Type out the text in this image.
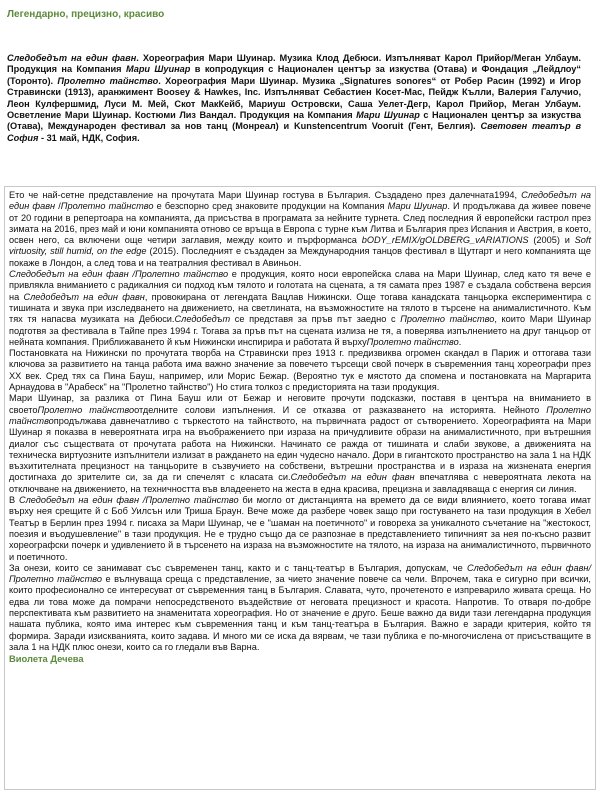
Легендарно, прецизно, красиво
Следобедът на един фавн. Хореография Мари Шуинар. Музика Клод Дебюси. Изпълняват Карол Прийор/Меган Улбаум. Продукция на Компания Мари Шуинар в копродукция с Национален център за изкуства (Отава) и Фондация „Лейдлоу“ (Торонто). Пролетно тайнство. Хореография Мари Шуинар. Музика „Signatures sonores“ от Робер Расин (1992) и Игор Стравински (1913), аранжимент Boosey & Hawkes, Inc. Изпълняват Себастиен Косет-Мас, Пейдж Кълли, Валерия Галучио, Леон Кулфершмид, Луси М. Мей, Скот МакКейб, Мариуш Островски, Саша Уелет-Дегр, Карол Прийор, Меган Улбаум. Осветление Мари Шуинар. Костюми Лиз Вандал. Продукция на Компания Мари Шуинар с Национален център за изкуства (Отава), Международен фестивал за нов танц (Монреал) и Kunstencentrum Vooruit (Гент, Белгия). Световен театър в София - 31 май, НДК, София.

Ето че най-сетне представление на прочутата Мари Шуинар гостува в България. Създадено през далечната1994, Следобедът на един фавн /Пролетно тайнство е безспорно сред знаковите продукции на Компания Мари Шуинар. И продължава да живее повече от 20 години в репертоара на компанията, да присъства в програмата за нейните турнета. След последния й европейски гастрол през зимата на 2016, през май и юни компанията отново се връща в Европа с турне към Литва и България през Испания и Австрия, в което, освен него, са включени още четири заглавия, между които и пърформанса bODY_rEMIX/gOLDBERG_vARIATIONS (2005) и Soft virtuosity, still humid, on the edge (2015). Последният е създаден за Международния танцов фестивал в Щутгарт и него компанията ще покаже в Лондон, а след това и на театралния фестивал в Авиньон.

Следобедът на един фавн /Пролетно тайнство е продукция, която носи европейска слава на Мари Шуинар, след като тя вече е привлякла вниманието с радикалния си подход към тялото и голотата на сцената, а тя самата през 1987 е създала собствена версия на Следобедът на един фавн, провокирана от легендата Вацлав Нижински. Още тогава канадската танцьорка експериментира с тишината и звука при изследването на движението, на светлината, на възможностите на тялото в търсене на анималистичното. Към тях тя напасва музиката на Дебюси.Следобедът се представя за пръв път заедно с Пролетно тайнство, които Мари Шуинар подготвя за фестивала в Тайпе през 1994 г. Тогава за пръв път на сцената излиза не тя, а поверява изпълнението на друг танцьор от нейната компания. Приближаването й към Нижински инспирира и работата й върхуПролетно тайнство.

Постановката на Нижински по прочутата творба на Стравински през 1913 г. предизвиква огромен скандал в Париж и оттогава тази ключова за развитието на танца работа има важно значение за повечето търсещи свой почерк в съвременния танц хореографи през XX век. Сред тях са Пина Бауш, например, или Морис Бежар. (Вероятно тук е мястото да спомена и постановката на Маргарита Арнаудова в "Арабеск" на "Пролетно тайнство") Но стига толкоз с предисторията на тази продукция.

Мари Шуинар, за разлика от Пина Бауш или от Бежар и неговите прочути подсказки, поставя в центъра на вниманието в своетоПролетно тайнствоотделните солови изпълнения. И се отказва от разказването на историята. Нейното Пролетно тайнствопродължава давнечатливо с търкестото на тайнството, на първичната радост от сътворението. Хореографията на Мари Шуинар я показва в невероятната игра на въображението при израза на причудливите образи на анималистичното, при вътрешния диалог със съществата от прочутата работа на Нижински. Начинато се ражда от тишината и слаби звукове, а движенията на техническа виртуозните изпълнители излизат в раждането на един чудесно начало. Дори в гигантското пространство на зала 1 на НДК възхитителната прецизност на танцьорите в съзвучието на собствени, вътрешни пространства и в израза на жизнената енергия достигнаха до зрителите си, за да ги спечелят с класата си.Следобедът на един фавн впечатлява с невероятната лекота на отключване на движението, на техничността във владеенето на жеста в една красива, прецизна и завладяваща с енергия си линия.

В Следобедът на един фавн /Пролетно тайнство би могло от дистанцията на времето да се види влиянието, което тогава имат върху нея срещите й с Боб Уилсън или Триша Браун. Вече може да разбере човек защо при гостуването на тази продукция в Хебел Театър в Берлин през 1994 г. писаха за Мари Шуинар, че е "шаман на поетичното" и говореха за уникалното съчетание на "жестокост, поезия и въодушевление" в тази продукция. Не е трудно също да се разпознае в представлението типичният за нея по-късно развит хореографски почерк и удивлението й в търсенето на израза на възможностите на тялото, на израза на анималистичното, първичното и поетичното.

За онези, които се занимават със съвременен танц, както и с танц-театър в България, допускам, че Следобедът на един фавн/Пролетно тайнство е вълнуваща среща с представление, за чието значение повече са чели. Впрочем, така е сигурно при всички, които професионално се интересуват от съвременния танц в България. Славата, чуто, прочетеното е изпреварило живата среща. Но едва ли това може да помрачи непосредственото въздействие от неговата прецизност и красота. Напротив. То отваря по-добре перспективата към развитието на знаменитата хореография. Но от значение е друго. Беше важно да види тази легендарна продукция нашата публика, която има интерес към съвременния танц и към танц-театъра в България. Важно е заради критерия, който тя формира. Заради изискванията, които задава. И много ми се иска да вярвам, че тази публика е по-многочислена от присъстващите в зала 1 на НДК плюс онези, които са го гледали във Варна.

Виолета Дечева
